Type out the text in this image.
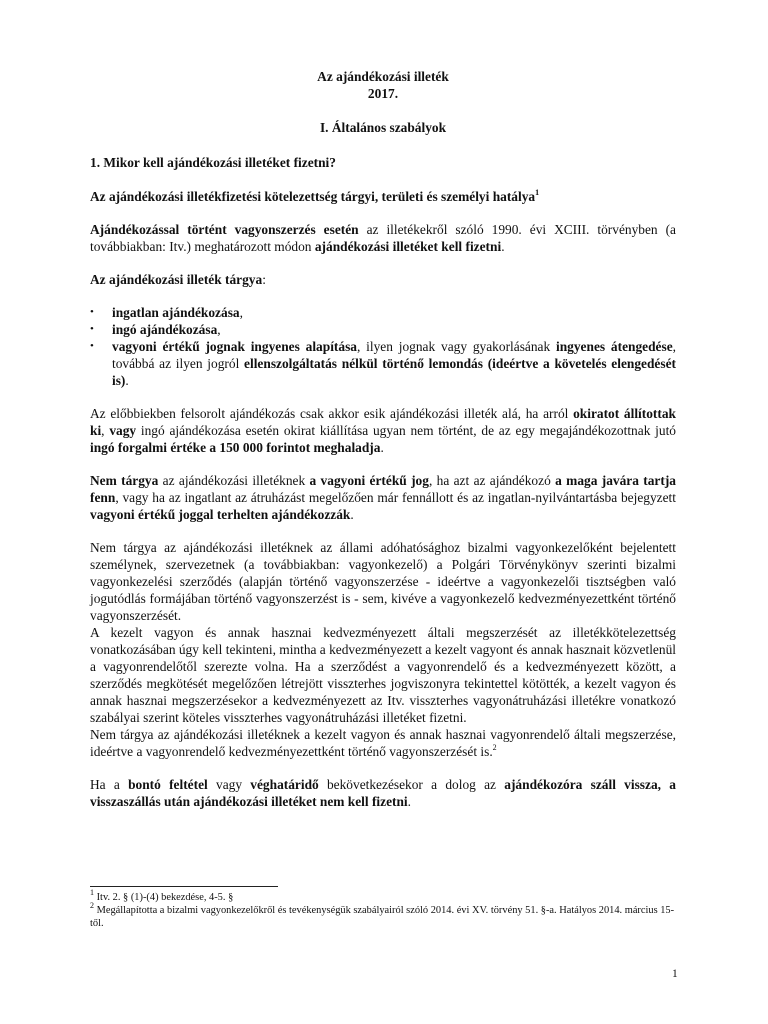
Az ajándékozási illeték
2017.
I. Általános szabályok
1. Mikor kell ajándékozási illetéket fizetni?
Az ajándékozási illetékfizetési kötelezettség tárgyi, területi és személyi hatálya$^1$

Ajándékozással történt vagyonszerzés esetén az illetékekről szóló 1990. évi XCIII. törvényben (a továbbiakban: Itv.) meghatározott módon ajándékozási illetéket kell fizetni.

Az ajándékozási illeték tárgya:

• ingatlan ajándékozása,
• ingó ajándékozása,
• vagyoni értékű jognak ingyenes alapítása, ilyen jognak vagy gyakorlásának ingyenes átengedése, továbbá az ilyen jogról ellenszolgáltatás nélkül történő lemondás (ideértve a követelés elengedését is).

Az előbbiekben felsorolt ajándékozás csak akkor esik ajándékozási illeték alá, ha arról okiratot állítottak ki, vagy ingó ajándékozása esetén okirat kiállítása ugyan nem történt, de az egy megajándékozottnak jutó ingó forgalmi értéke a 150 000 forintot meghaladja.

Nem tárgya az ajándékozási illetéknek a vagyoni értékű jog, ha azt az ajándékozó a maga javára tartja fenn, vagy ha az ingatlant az átruházást megelőzően már fennállott és az ingatlan-nyilvántartásba bejegyzett vagyoni értékű joggal terhelten ajándékozzák.

Nem tárgya az ajándékozási illetéknek az állami adóhatósághoz bizalmi vagyonkezelőként bejelentett személynek, szervezetnek (a továbbiakban: vagyonkezelő) a Polgári Törvénykönyv szerinti bizalmi vagyonkezelési szerződés (alapján történő vagyonszerzése - ideértve a vagyonkezelői tisztségben való jogutódlás formájában történő vagyonszerzést is - sem, kivéve a vagyonkezelő kedvezményezettként történő vagyonszerzését.

A kezelt vagyon és annak hasznai kedvezményezett általi megszerzését az illetékkötelezettség vonatkozásában úgy kell tekinteni, mintha a kedvezményezett a kezelt vagyont és annak hasznait közvetlenül a vagyonrendelőtől szerezte volna. Ha a szerződést a vagyonrendelő és a kedvezményezett között, a szerződés megkötését megelőzően létrejött visszterhes jogviszonyra tekintettel kötötték, a kezelt vagyon és annak hasznai megszerzésekor a kedvezményezett az Itv. visszterhes vagyonátruházási illetékre vonatkozó szabályai szerint köteles visszterhes vagyonátruházási illetéket fizetni.

Nem tárgya az ajándékozási illetéknek a kezelt vagyon és annak hasznai vagyonrendelő általi megszerzése, ideértve a vagyonrendelő kedvezményezettként történő vagyonszerzését is.$^2$

Ha a bontó feltétel vagy véghatáridő bekövetkezésekor a dolog az ajándékozóra száll vissza, a visszaszállás után ajándékozási illetéket nem kell fizetni.

$^1$ Itv. 2. § (1)-(4) bekezdése, 4-5. §
$^2$ Megállapította a bizalmi vagyonkezelőkről és tevékenységük szabályairól szóló 2014. évi XV. törvény 51. §-a. Hatályos 2014. március 15-től.
1
